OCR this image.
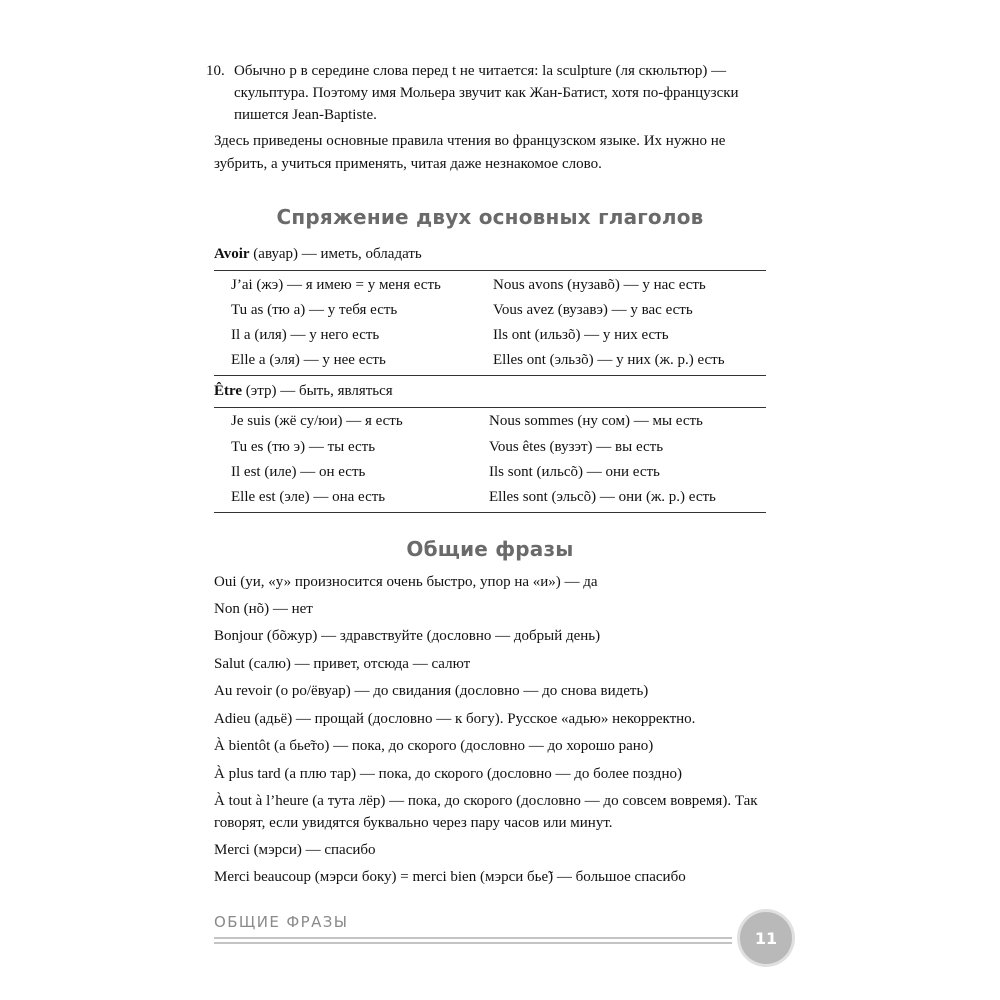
10. Обычно p в середине слова перед t не читается: la sculpture (ля скюльтюр) —
скульптура. Поэтому имя Мольера звучит как Жан-Батист, хотя по-французски
пишется Jean-Baptiste.
Здесь приведены основные правила чтения во французском языке. Их нужно не
зубрить, а учиться применять, читая даже незнакомое слово.
Спряжение двух основных глаголов
Avoir (авуар) — иметь, обладать
J’ai (жэ) — я имею = у меня есть
Tu as (тю а) — у тебя есть
Il a (иля) — у него есть
Elle a (эля) — у нее есть
Nous avons (нузавõ) — у нас есть
Vous avez (вузавэ) — у вас есть
Ils ont (ильзõ) — у них есть
Elles ont (эльзõ) — у них (ж. р.) есть
Être (этр) — быть, являться
Je suis (жё су/юи) — я есть
Tu es (тю э) — ты есть
Il est (иле) — он есть
Elle est (эле) — она есть
Nous sommes (ну сом) — мы есть
Vous êtes (вузэт) — вы есть
Ils sont (ильсõ) — они есть
Elles sont (эльсõ) — они (ж. р.) есть
Общие фразы
Oui (уи, «у» произносится очень быстро, упор на «и») — да
Non (нõ) — нет
Bonjour (бõжур) — здравствуйте (дословно — добрый день)
Salut (салю) — привет, отсюда — салют
Au revoir (о ро/ёвуар) — до свидания (дословно — до снова видеть)
Adieu (адьё) — прощай (дословно — к богу). Русское «адью» некорректно.
À bientôt (а бье̃то) — пока, до скорого (дословно — до хорошо рано)
À plus tard (а плю тар) — пока, до скорого (дословно — до более поздно)
À tout à l’heure (а тута лёр) — пока, до скорого (дословно — до совсем вовремя). Так
говорят, если увидятся буквально через пару часов или минут.
Merci (мэрси) — спасибо
Merci beaucoup (мэрси боку) = merci bien (мэрси бье̃) — большое спасибо
ОБЩИЕ ФРАЗЫ
11
